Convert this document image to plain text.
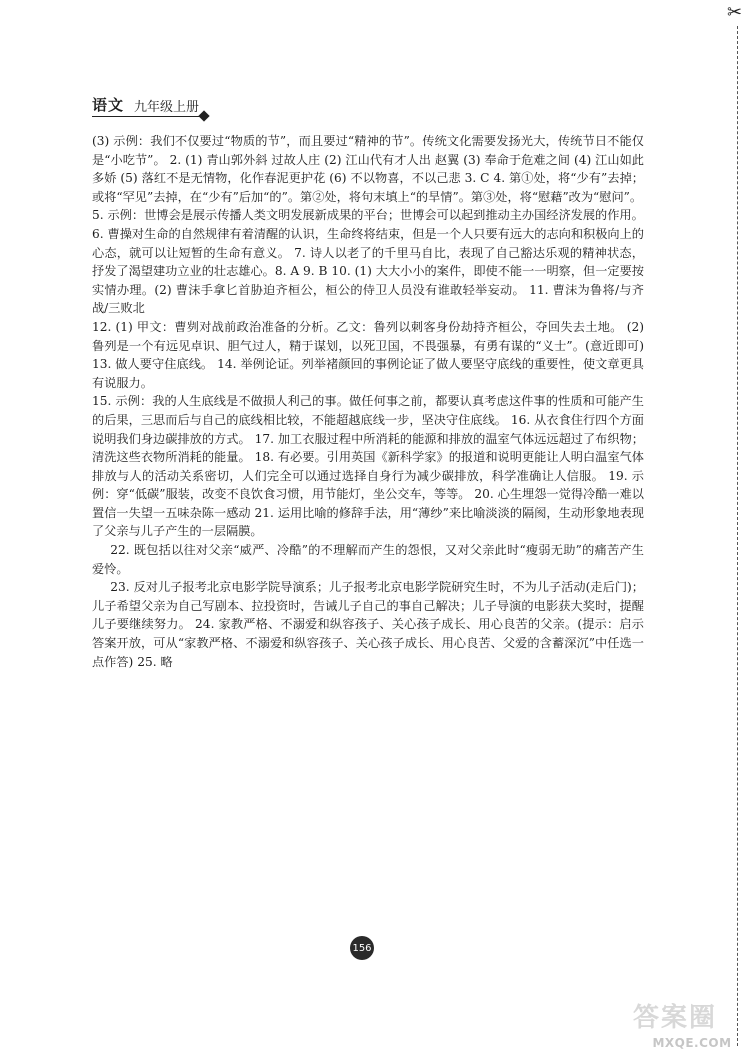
✂
语文 九年级上册

(3) 示例：我们不仅要过“物质的节”，而且要过“精神的节”。传统文化需要发扬光大，传统节日不能仅是“小吃节”。 2. (1) 青山郭外斜 过故人庄 (2) 江山代有才人出 赵翼 (3) 奉命于危难之间 (4) 江山如此多娇 (5) 落红不是无情物，化作春泥更护花 (6) 不以物喜，不以己悲 3. C 4. 第①处，将“少有”去掉；或将“罕见”去掉，在“少有”后加“的”。第②处，将句末填上“的旱情”。第③处，将“慰藉”改为“慰问”。

5. 示例：世博会是展示传播人类文明发展新成果的平台；世博会可以起到推动主办国经济发展的作用。

6. 曹操对生命的自然规律有着清醒的认识，生命终将结束，但是一个人只要有远大的志向和积极向上的心态，就可以让短暂的生命有意义。 7. 诗人以老了的千里马自比，表现了自己豁达乐观的精神状态，抒发了渴望建功立业的壮志雄心。8. A 9. B 10. (1) 大大小小的案件，即使不能一一明察，但一定要按实情办理。(2) 曹沫手拿匕首胁迫齐桓公，桓公的侍卫人员没有谁敢轻举妄动。 11. 曹沫为鲁将/与齐战/三败北

12. (1) 甲文：曹刿对战前政治准备的分析。乙文：鲁列以刺客身份劫持齐桓公，夺回失去土地。 (2) 鲁列是一个有远见卓识、胆气过人，精于谋划，以死卫国，不畏强暴，有勇有谋的“义士”。(意近即可) 13. 做人要守住底线。 14. 举例论证。列举褚颜回的事例论证了做人要坚守底线的重要性，使文章更具有说服力。

15. 示例：我的人生底线是不做损人利己的事。做任何事之前，都要认真考虑这件事的性质和可能产生的后果，三思而后与自己的底线相比较，不能超越底线一步，坚决守住底线。 16. 从衣食住行四个方面说明我们身边碳排放的方式。 17. 加工衣服过程中所消耗的能源和排放的温室气体远远超过了布织物；清洗这些衣物所消耗的能量。 18. 有必要。引用英国《新科学家》的报道和说明更能让人明白温室气体排放与人的活动关系密切，人们完全可以通过选择自身行为减少碳排放，科学准确让人信服。 19. 示例：穿“低碳”服装，改变不良饮食习惯，用节能灯，坐公交车，等等。 20. 心生埋怨一觉得冷酷一难以置信一失望一五味杂陈一感动 21. 运用比喻的修辞手法，用“薄纱”来比喻淡淡的隔阂，生动形象地表现了父亲与儿子产生的一层隔膜。

22. 既包括以往对父亲“威严、冷酷”的不理解而产生的怨恨，又对父亲此时“瘦弱无助”的痛苦产生爱怜。

23. 反对儿子报考北京电影学院导演系；儿子报考北京电影学院研究生时，不为儿子活动(走后门)；儿子希望父亲为自己写剧本、拉投资时，告诫儿子自己的事自己解决；儿子导演的电影获大奖时，提醒儿子要继续努力。 24. 家教严格、不溺爱和纵容孩子、关心孩子成长、用心良苦的父亲。(提示：启示答案开放，可从“家教严格、不溺爱和纵容孩子、关心孩子成长、用心良苦、父爱的含蓄深沉”中任选一点作答) 25. 略

156
答案圈
MXQE.COM
